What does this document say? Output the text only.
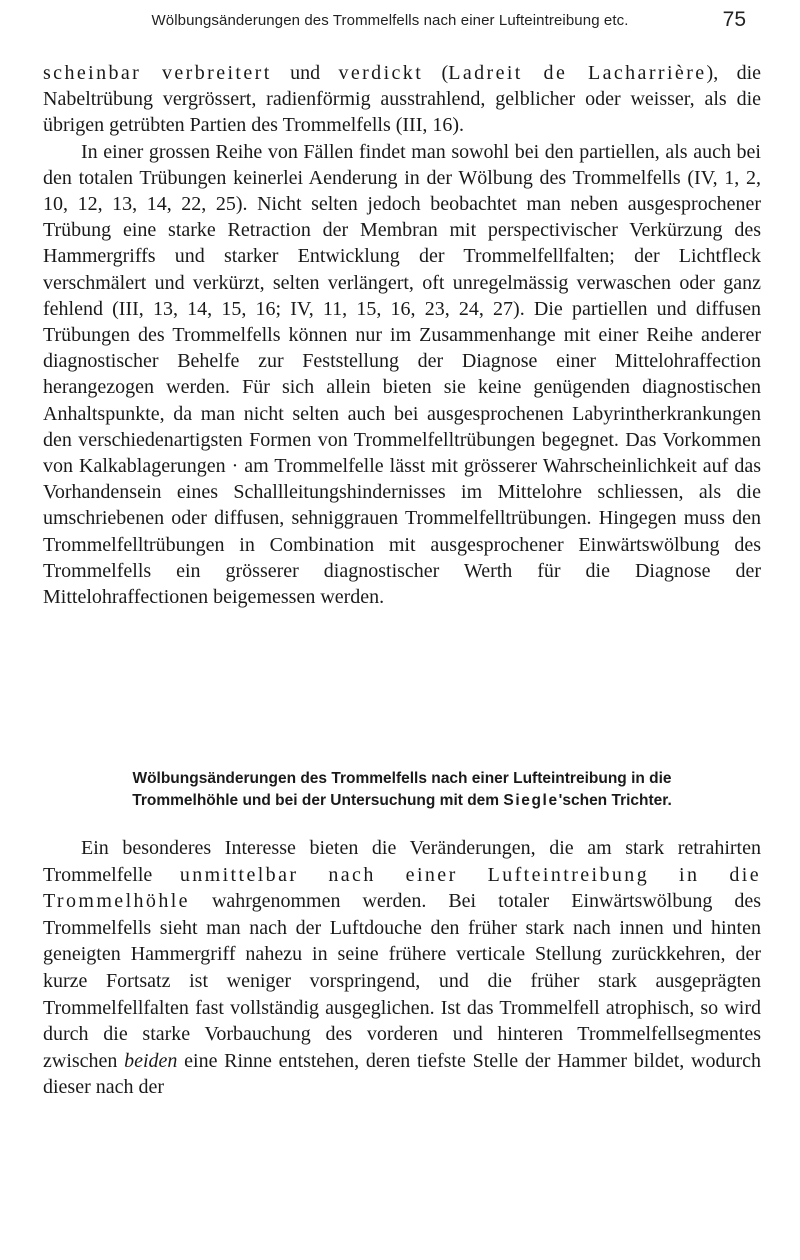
Wölbungsänderungen des Trommelfells nach einer Lufteintreibung etc.	75

scheinbar verbreitert und verdickt (Ladreit de Lacharrière), die Nabeltrübung vergrössert, radienförmig ausstrahlend, gelblicher oder weisser, als die übrigen getrübten Partien des Trommelfells (III, 16).

In einer grossen Reihe von Fällen findet man sowohl bei den partiellen, als auch bei den totalen Trübungen keinerlei Aenderung in der Wölbung des Trommelfells (IV, 1, 2, 10, 12, 13, 14, 22, 25). Nicht selten jedoch beobachtet man neben ausgesprochener Trübung eine starke Retraction der Membran mit perspectivischer Verkürzung des Hammergriffs und starker Entwicklung der Trommelfellfalten; der Lichtfleck verschmälert und verkürzt, selten verlängert, oft unregelmässig verwaschen oder ganz fehlend (III, 13, 14, 15, 16; IV, 11, 15, 16, 23, 24, 27). Die partiellen und diffusen Trübungen des Trommelfells können nur im Zusammenhange mit einer Reihe anderer diagnostischer Behelfe zur Feststellung der Diagnose einer Mittelohraffection herangezogen werden. Für sich allein bieten sie keine genügenden diagnostischen Anhaltspunkte, da man nicht selten auch bei ausgesprochenen Labyrintherkrankungen den verschiedenartigsten Formen von Trommelfelltrübungen begegnet. Das Vorkommen von Kalkablagerungen · am Trommelfelle lässt mit grösserer Wahrscheinlichkeit auf das Vorhandensein eines Schallleitungshindernisses im Mittelohre schliessen, als die umschriebenen oder diffusen, sehniggrauen Trommelfelltrübungen. Hingegen muss den Trommelfelltrübungen in Combination mit ausgesprochener Einwärtswölbung des Trommelfells ein grösserer diagnostischer Werth für die Diagnose der Mittelohraffectionen beigemessen werden.

Wölbungsänderungen des Trommelfells nach einer Lufteintreibung in die
Trommelhöhle und bei der Untersuchung mit dem Siegle'schen Trichter.

Ein besonderes Interesse bieten die Veränderungen, die am stark retrahirten Trommelfelle unmittelbar nach einer Lufteintreibung in die Trommelhöhle wahrgenommen werden. Bei totaler Einwärtswölbung des Trommelfells sieht man nach der Luftdouche den früher stark nach innen und hinten geneigten Hammergriff nahezu in seine frühere verticale Stellung zurückkehren, der kurze Fortsatz ist weniger vorspringend, und die früher stark ausgeprägten Trommelfellfalten fast vollständig ausgeglichen. Ist das Trommelfell atrophisch, so wird durch die starke Vorbauchung des vorderen und hinteren Trommelfellsegmentes zwischen beiden eine Rinne entstehen, deren tiefste Stelle der Hammer bildet, wodurch dieser nach der
